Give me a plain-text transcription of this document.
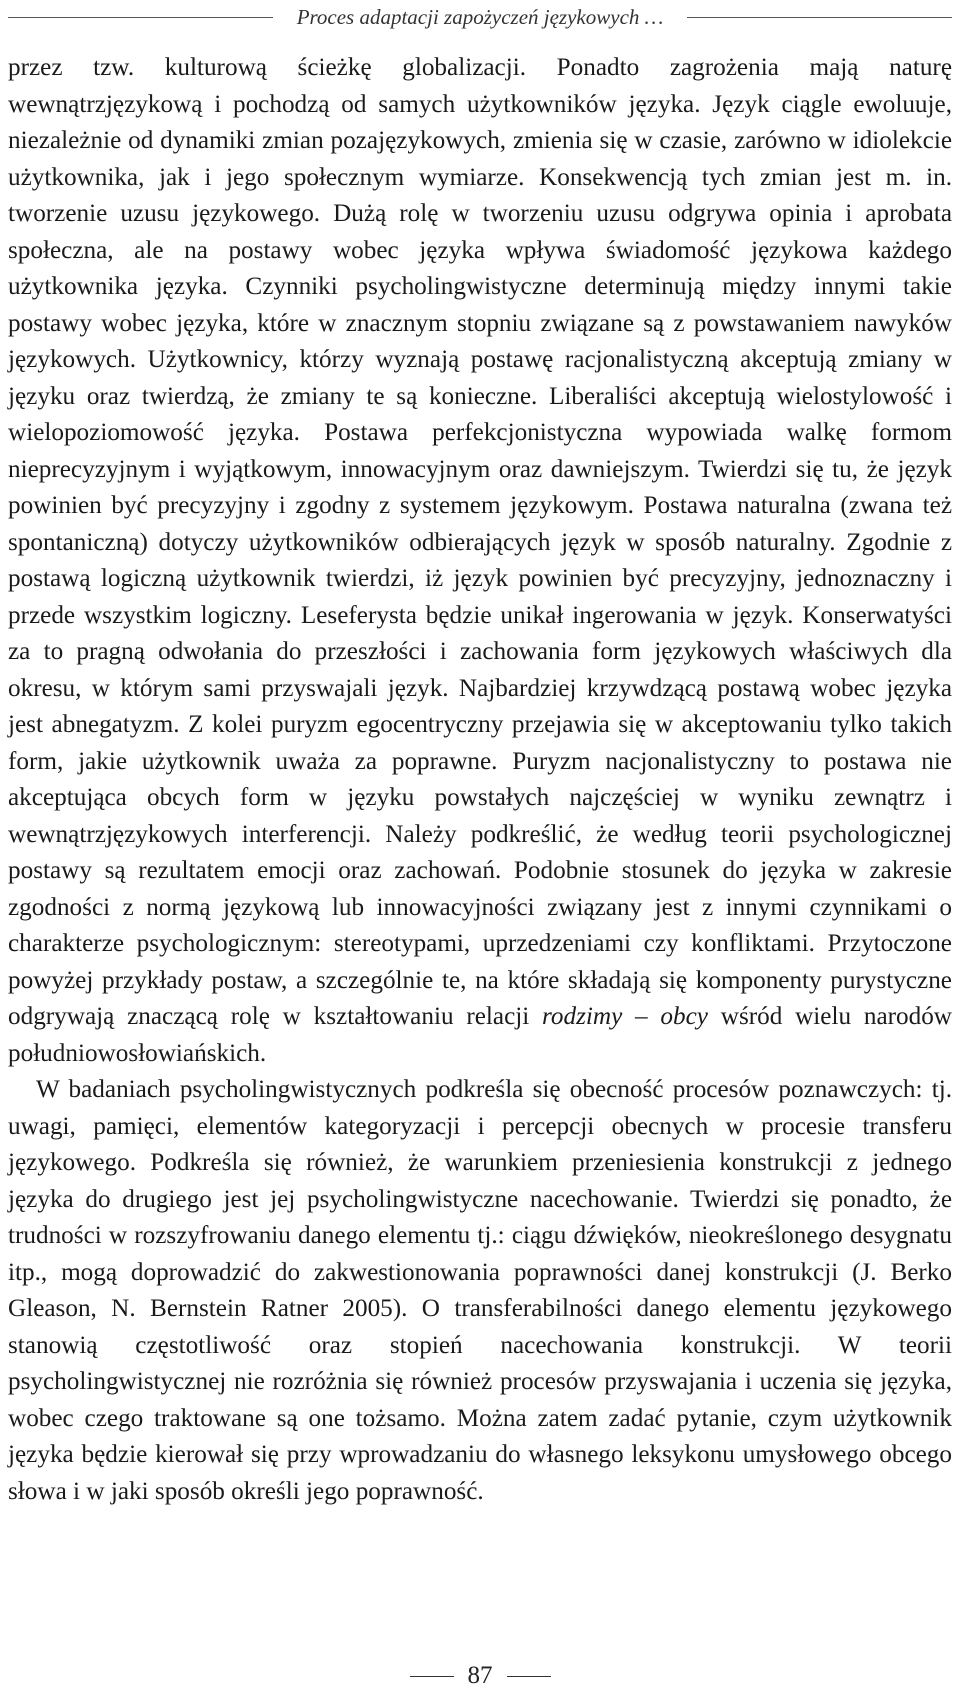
Proces adaptacji zapożyczeń językowych …

przez tzw. kulturową ścieżkę globalizacji. Ponadto zagrożenia mają naturę wewnątrzjęzykową i pochodzą od samych użytkowników języka. Język ciągle ewoluuje, niezależnie od dynamiki zmian pozajęzykowych, zmienia się w czasie, zarówno w idiolekcie użytkownika, jak i jego społecznym wymiarze. Konsekwencją tych zmian jest m. in. tworzenie uzusu językowego. Dużą rolę w tworzeniu uzusu odgrywa opinia i aprobata społeczna, ale na postawy wobec języka wpływa świadomość językowa każdego użytkownika języka. Czynniki psycholingwistyczne determinują między innymi takie postawy wobec języka, które w znacznym stopniu związane są z powstawaniem nawyków językowych. Użytkownicy, którzy wyznają postawę racjonalistyczną akceptują zmiany w języku oraz twierdzą, że zmiany te są konieczne. Liberaliści akceptują wielostylowość i wielopoziomowość języka. Postawa perfekcjonistyczna wypowiada walkę formom nieprecyzyjnym i wyjątkowym, innowacyjnym oraz dawniejszym. Twierdzi się tu, że język powinien być precyzyjny i zgodny z systemem językowym. Postawa naturalna (zwana też spontaniczną) dotyczy użytkowników odbierających język w sposób naturalny. Zgodnie z postawą logiczną użytkownik twierdzi, iż język powinien być precyzyjny, jednoznaczny i przede wszystkim logiczny. Leseferysta będzie unikał ingerowania w język. Konserwatyści za to pragną odwołania do przeszłości i zachowania form językowych właściwych dla okresu, w którym sami przyswajali język. Najbardziej krzywdzącą postawą wobec języka jest abnegatyzm. Z kolei puryzm egocentryczny przejawia się w akceptowaniu tylko takich form, jakie użytkownik uważa za poprawne. Puryzm nacjonalistyczny to postawa nie akceptująca obcych form w języku powstałych najczęściej w wyniku zewnątrz i wewnątrzjęzykowych interferencji. Należy podkreślić, że według teorii psychologicznej postawy są rezultatem emocji oraz zachowań. Podobnie stosunek do języka w zakresie zgodności z normą językową lub innowacyjności związany jest z innymi czynnikami o charakterze psychologicznym: stereotypami, uprzedzeniami czy konfliktami. Przytoczone powyżej przykłady postaw, a szczególnie te, na które składają się komponenty purystyczne odgrywają znaczącą rolę w kształtowaniu relacji rodzimy – obcy wśród wielu narodów południowosłowiańskich.

W badaniach psycholingwistycznych podkreśla się obecność procesów poznawczych: tj. uwagi, pamięci, elementów kategoryzacji i percepcji obecnych w procesie transferu językowego. Podkreśla się również, że warunkiem przeniesienia konstrukcji z jednego języka do drugiego jest jej psycholingwistyczne nacechowanie. Twierdzi się ponadto, że trudności w rozszyfrowaniu danego elementu tj.: ciągu dźwięków, nieokreślonego desygnatu itp., mogą doprowadzić do zakwestionowania poprawności danej konstrukcji (J. Berko Gleason, N. Bernstein Ratner 2005). O transferabilności danego elementu językowego stanowią częstotliwość oraz stopień nacechowania konstrukcji. W teorii psycholingwistycznej nie rozróżnia się również procesów przyswajania i uczenia się języka, wobec czego traktowane są one tożsamo. Można zatem zadać pytanie, czym użytkownik języka będzie kierował się przy wprowadzaniu do własnego leksykonu umysłowego obcego słowa i w jaki sposób określi jego poprawność.

87
